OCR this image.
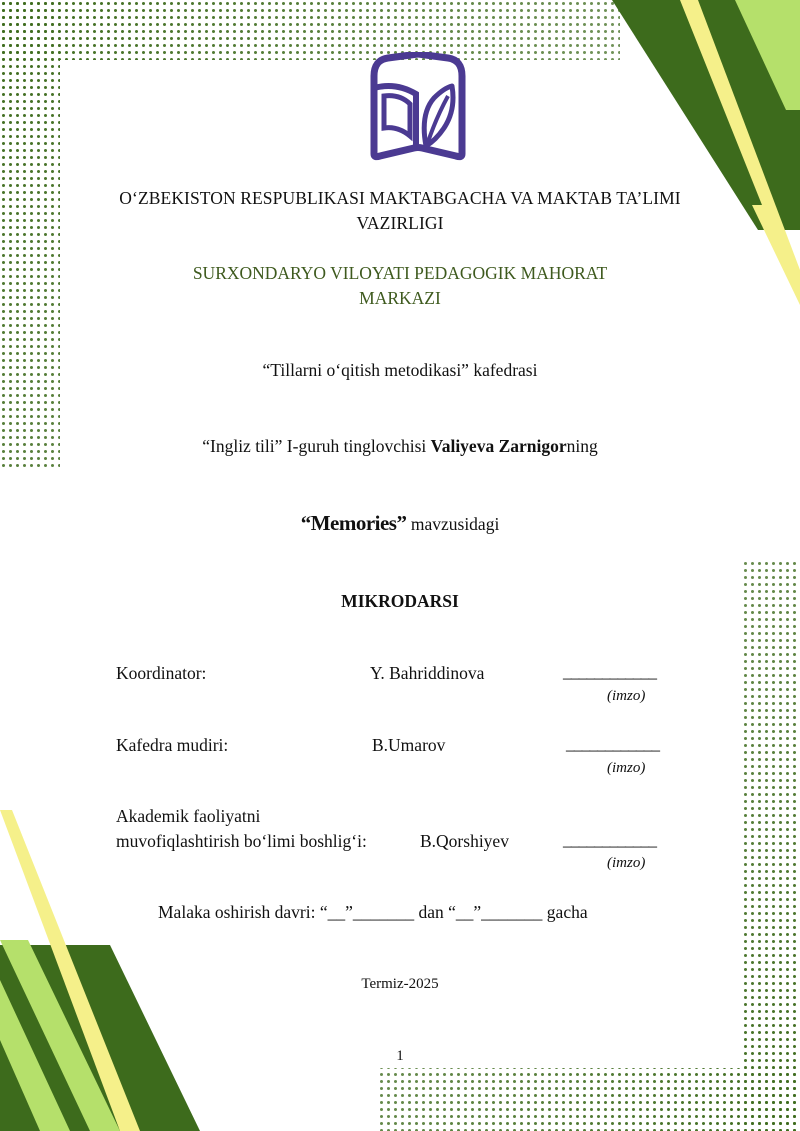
O‘ZBEKISTON RESPUBLIKASI MAKTABGACHA VA MAKTAB TA’LIMI
VAZIRLIGI
SURXONDARYO VILOYATI PEDAGOGIK MAHORAT
MARKAZI
“Tillarni o‘qitish metodikasi” kafedrasi
“Ingliz tili” I-guruh tinglovchisi Valiyeva Zarnigorning
“Memories” mavzusidagi
MIKRODARSI
Koordinator:	Y. Bahriddinova	____________
(imzo)
Kafedra mudiri:	B.Umarov	____________
(imzo)
Akademik faoliyatni
muvofiqlashtirish bo‘limi boshlig‘i:	B.Qorshiyev	____________
(imzo)
Malaka oshirish davri: “__”_______ dan “__”_______ gacha
Termiz-2025
1
